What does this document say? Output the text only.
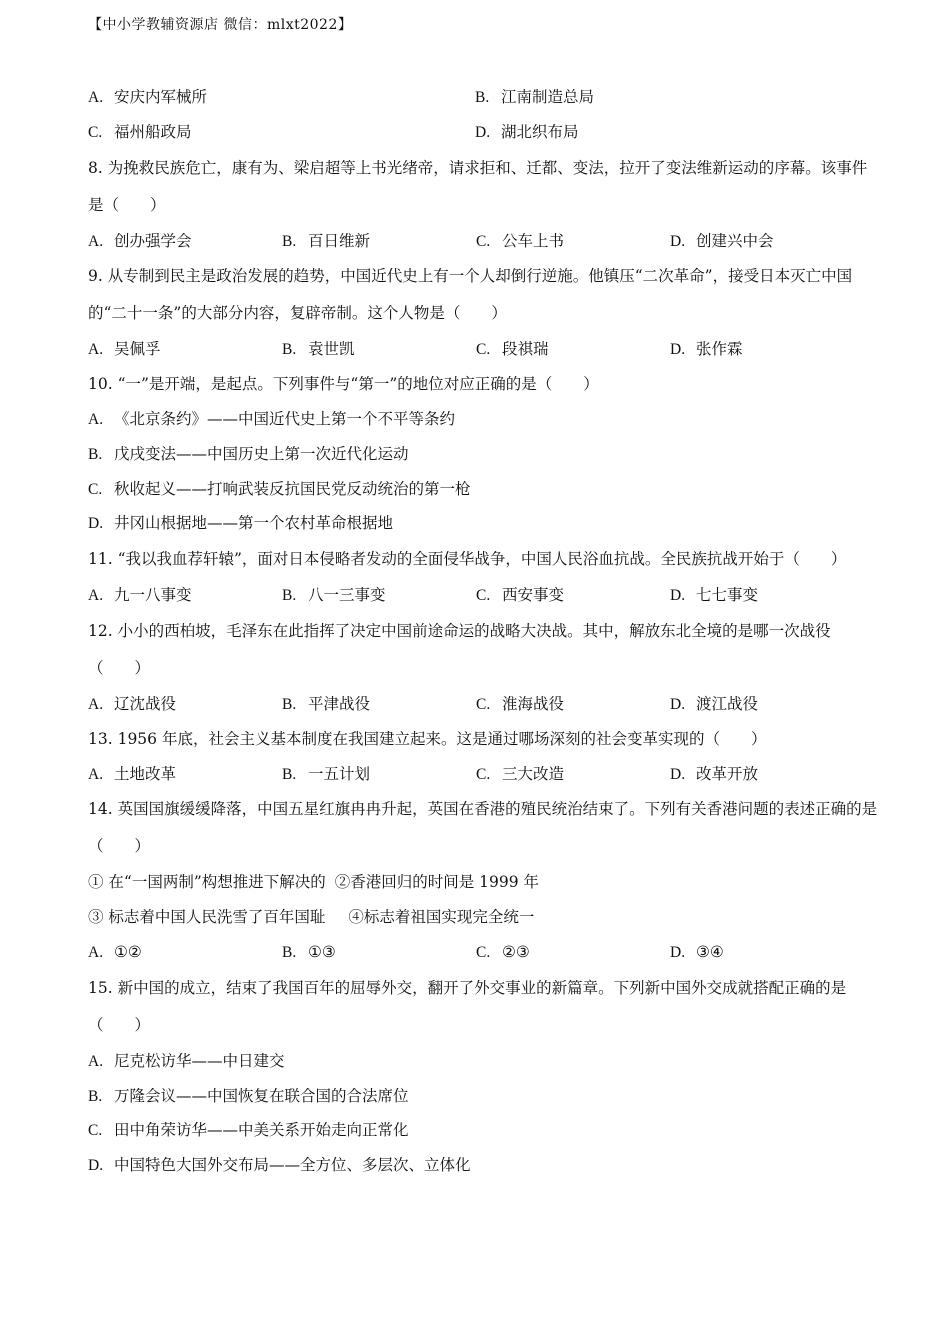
【中小学教辅资源店 微信：mlxt2022】
A. 安庆内军械所	B. 江南制造总局
C. 福州船政局	D. 湖北织布局
8. 为挽救民族危亡，康有为、梁启超等上书光绪帝，请求拒和、迁都、变法，拉开了变法维新运动的序幕。该事件是（　　）
A. 创办强学会	B. 百日维新	C. 公车上书	D. 创建兴中会
9. 从专制到民主是政治发展的趋势，中国近代史上有一个人却倒行逆施。他镇压“二次革命”，接受日本灭亡中国的“二十一条”的大部分内容，复辟帝制。这个人物是（　　）
A. 吴佩孚	B. 袁世凯	C. 段祺瑞	D. 张作霖
10. “一”是开端，是起点。下列事件与“第一”的地位对应正确的是（　　）
A. 《北京条约》——中国近代史上第一个不平等条约
B. 戊戌变法——中国历史上第一次近代化运动
C. 秋收起义——打响武装反抗国民党反动统治的第一枪
D. 井冈山根据地——第一个农村革命根据地
11. “我以我血荐轩辕”，面对日本侵略者发动的全面侵华战争，中国人民浴血抗战。全民族抗战开始于（　　）
A. 九一八事变	B. 八一三事变	C. 西安事变	D. 七七事变
12. 小小的西柏坡，毛泽东在此指挥了决定中国前途命运的战略大决战。其中，解放东北全境的是哪一次战役（　　）
A. 辽沈战役	B. 平津战役	C. 淮海战役	D. 渡江战役
13. 1956 年底，社会主义基本制度在我国建立起来。这是通过哪场深刻的社会变革实现的（　　）
A. 土地改革	B. 一五计划	C. 三大改造	D. 改革开放
14. 英国国旗缓缓降落，中国五星红旗冉冉升起，英国在香港的殖民统治结束了。下列有关香港问题的表述正确的是（　　）
① 在“一国两制”构想推进下解决的 ②香港回归的时间是 1999 年
③ 标志着中国人民洗雪了百年国耻 ④标志着祖国实现完全统一
A. ①②	B. ①③	C. ②③	D. ③④
15. 新中国的成立，结束了我国百年的屈辱外交，翻开了外交事业的新篇章。下列新中国外交成就搭配正确的是（　　）
A. 尼克松访华——中日建交
B. 万隆会议——中国恢复在联合国的合法席位
C. 田中角荣访华——中美关系开始走向正常化
D. 中国特色大国外交布局——全方位、多层次、立体化
